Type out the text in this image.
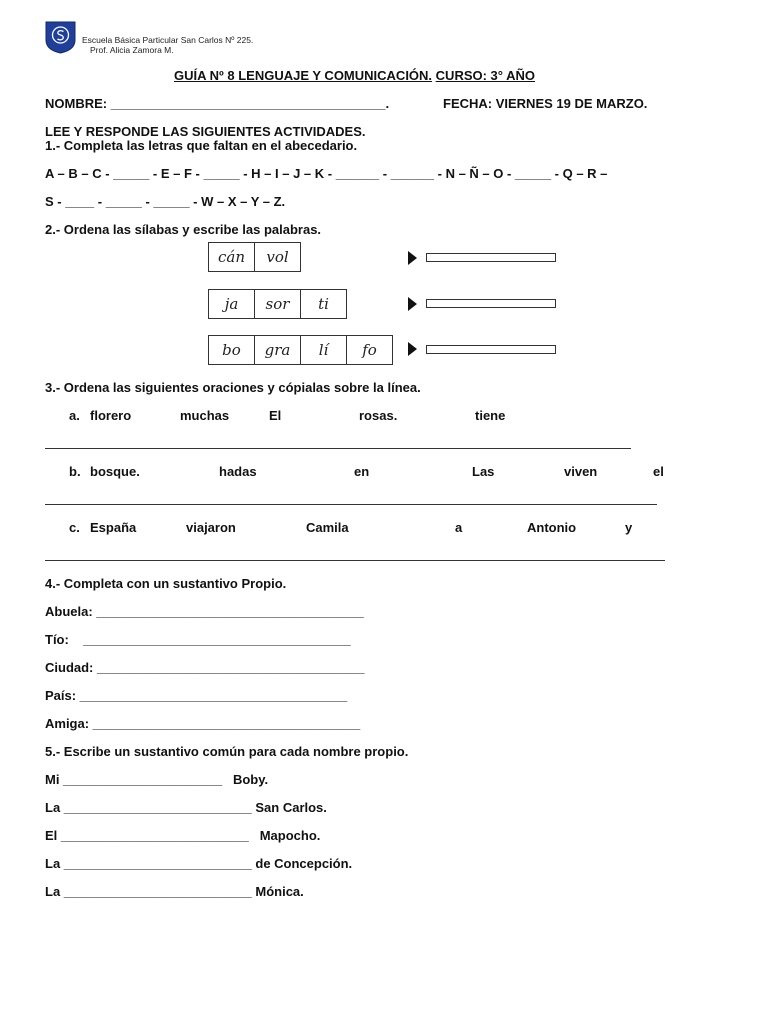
Escuela Básica Particular San Carlos Nº 225.
Prof. Alicia Zamora M.
GUÍA Nº 8 LENGUAJE Y COMUNICACIÓN. CURSO: 3° AÑO
NOMBRE: ______________________________________.	FECHA: VIERNES 19 DE MARZO.
LEE Y RESPONDE LAS SIGUIENTES ACTIVIDADES.
1.- Completa las letras que faltan en el abecedario.
A – B – C - _____ - E – F - _____ - H – I – J – K - ______ - ______ - N – Ñ – O - _____ - Q – R –
S - ____ - _____ - _____ - W – X – Y – Z.
2.- Ordena las sílabas y escribe las palabras.
cán	vol
ja	sor	ti
bo	gra	lí	fo
3.- Ordena las siguientes oraciones y cópialas sobre la línea.
a. florero	muchas	El	rosas.	tiene
b. bosque.	hadas	en	Las	viven	el
c. España	viajaron	Camila	a	Antonio	y
4.- Completa con un sustantivo Propio.
Abuela: _____________________________________
Tío:    _____________________________________
Ciudad: _____________________________________
País: _____________________________________
Amiga: _____________________________________
5.- Escribe un sustantivo común para cada nombre propio.
Mi ______________________   Boby.
La __________________________ San Carlos.
El __________________________   Mapocho.
La __________________________ de Concepción.
La __________________________ Mónica.
